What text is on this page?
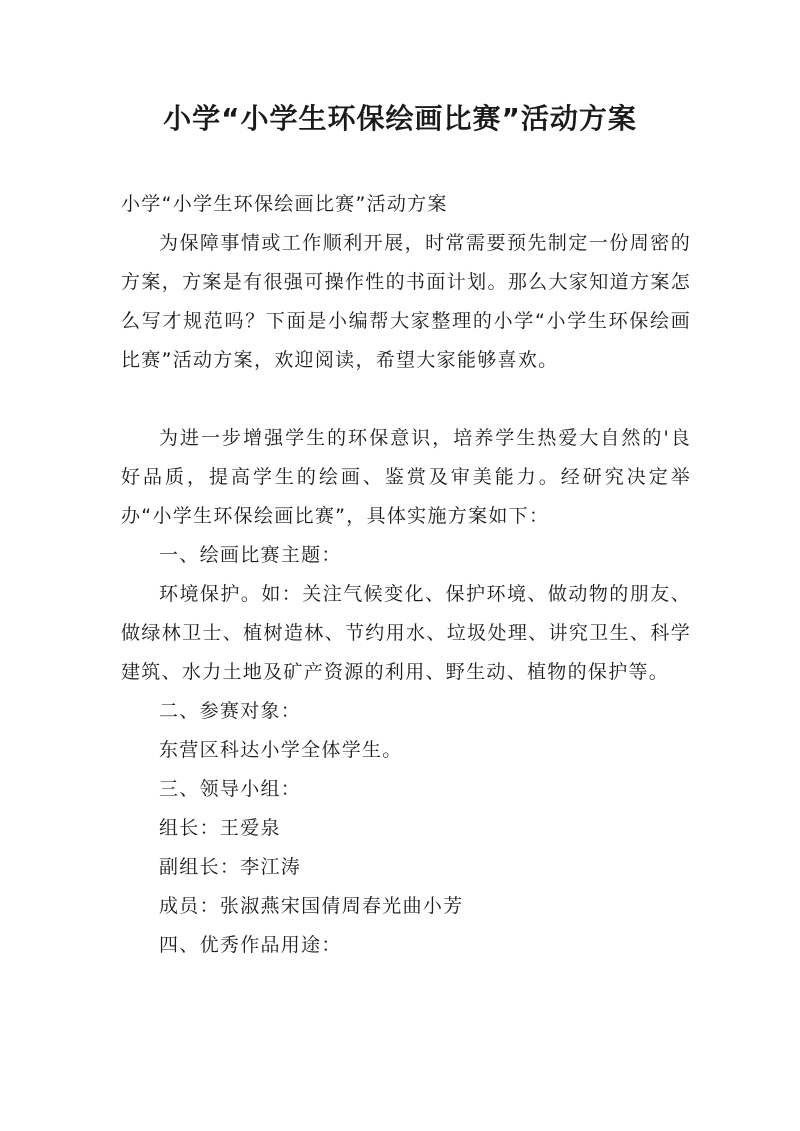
小学“小学生环保绘画比赛”活动方案

小学“小学生环保绘画比赛”活动方案

为保障事情或工作顺利开展，时常需要预先制定一份周密的方案，方案是有很强可操作性的书面计划。那么大家知道方案怎么写才规范吗？下面是小编帮大家整理的小学“小学生环保绘画比赛”活动方案，欢迎阅读，希望大家能够喜欢。

为进一步增强学生的环保意识，培养学生热爱大自然的'良好品质，提高学生的绘画、鉴赏及审美能力。经研究决定举办“小学生环保绘画比赛”，具体实施方案如下：

一、绘画比赛主题：

环境保护。如：关注气候变化、保护环境、做动物的朋友、做绿林卫士、植树造林、节约用水、垃圾处理、讲究卫生、科学建筑、水力土地及矿产资源的利用、野生动、植物的保护等。

二、参赛对象：

东营区科达小学全体学生。

三、领导小组：

组长：王爱泉

副组长：李江涛

成员：张淑燕宋国倩周春光曲小芳

四、优秀作品用途：
